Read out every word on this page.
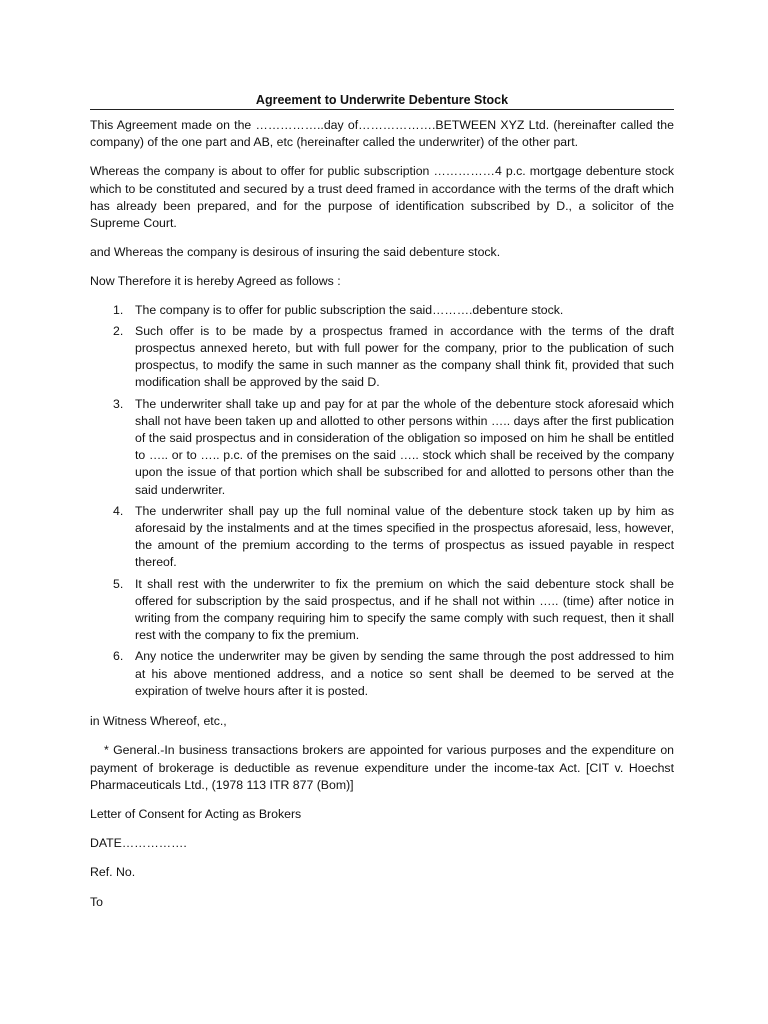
Agreement to Underwrite Debenture Stock

This Agreement made on the ……………..day of……………….BETWEEN XYZ Ltd. (hereinafter called the company) of the one part and AB, etc (hereinafter called the underwriter) of the other part.

Whereas the company is about to offer for public subscription ……………4 p.c. mortgage debenture stock which to be constituted and secured by a trust deed framed in accordance with the terms of the draft which has already been prepared, and for the purpose of identification subscribed by D., a solicitor of the Supreme Court.

and Whereas the company is desirous of insuring the said debenture stock.

Now Therefore it is hereby Agreed as follows :

1. The company is to offer for public subscription the said……….debenture stock.
2. Such offer is to be made by a prospectus framed in accordance with the terms of the draft prospectus annexed hereto, but with full power for the company, prior to the publication of such prospectus, to modify the same in such manner as the company shall think fit, provided that such modification shall be approved by the said D.
3. The underwriter shall take up and pay for at par the whole of the debenture stock aforesaid which shall not have been taken up and allotted to other persons within ….. days after the first publication of the said prospectus and in consideration of the obligation so imposed on him he shall be entitled to ….. or to ….. p.c. of the premises on the said ….. stock which shall be received by the company upon the issue of that portion which shall be subscribed for and allotted to persons other than the said underwriter.
4. The underwriter shall pay up the full nominal value of the debenture stock taken up by him as aforesaid by the instalments and at the times specified in the prospectus aforesaid, less, however, the amount of the premium according to the terms of prospectus as issued payable in respect thereof.
5. It shall rest with the underwriter to fix the premium on which the said debenture stock shall be offered for subscription by the said prospectus, and if he shall not within ….. (time) after notice in writing from the company requiring him to specify the same comply with such request, then it shall rest with the company to fix the premium.
6. Any notice the underwriter may be given by sending the same through the post addressed to him at his above mentioned address, and a notice so sent shall be deemed to be served at the expiration of twelve hours after it is posted.

in Witness Whereof, etc.,

* General.-In business transactions brokers are appointed for various purposes and the expenditure on payment of brokerage is deductible as revenue expenditure under the income-tax Act. [CIT v. Hoechst Pharmaceuticals Ltd., (1978 113 ITR 877 (Bom)]

Letter of Consent for Acting as Brokers

DATE…………….

Ref. No.

To
